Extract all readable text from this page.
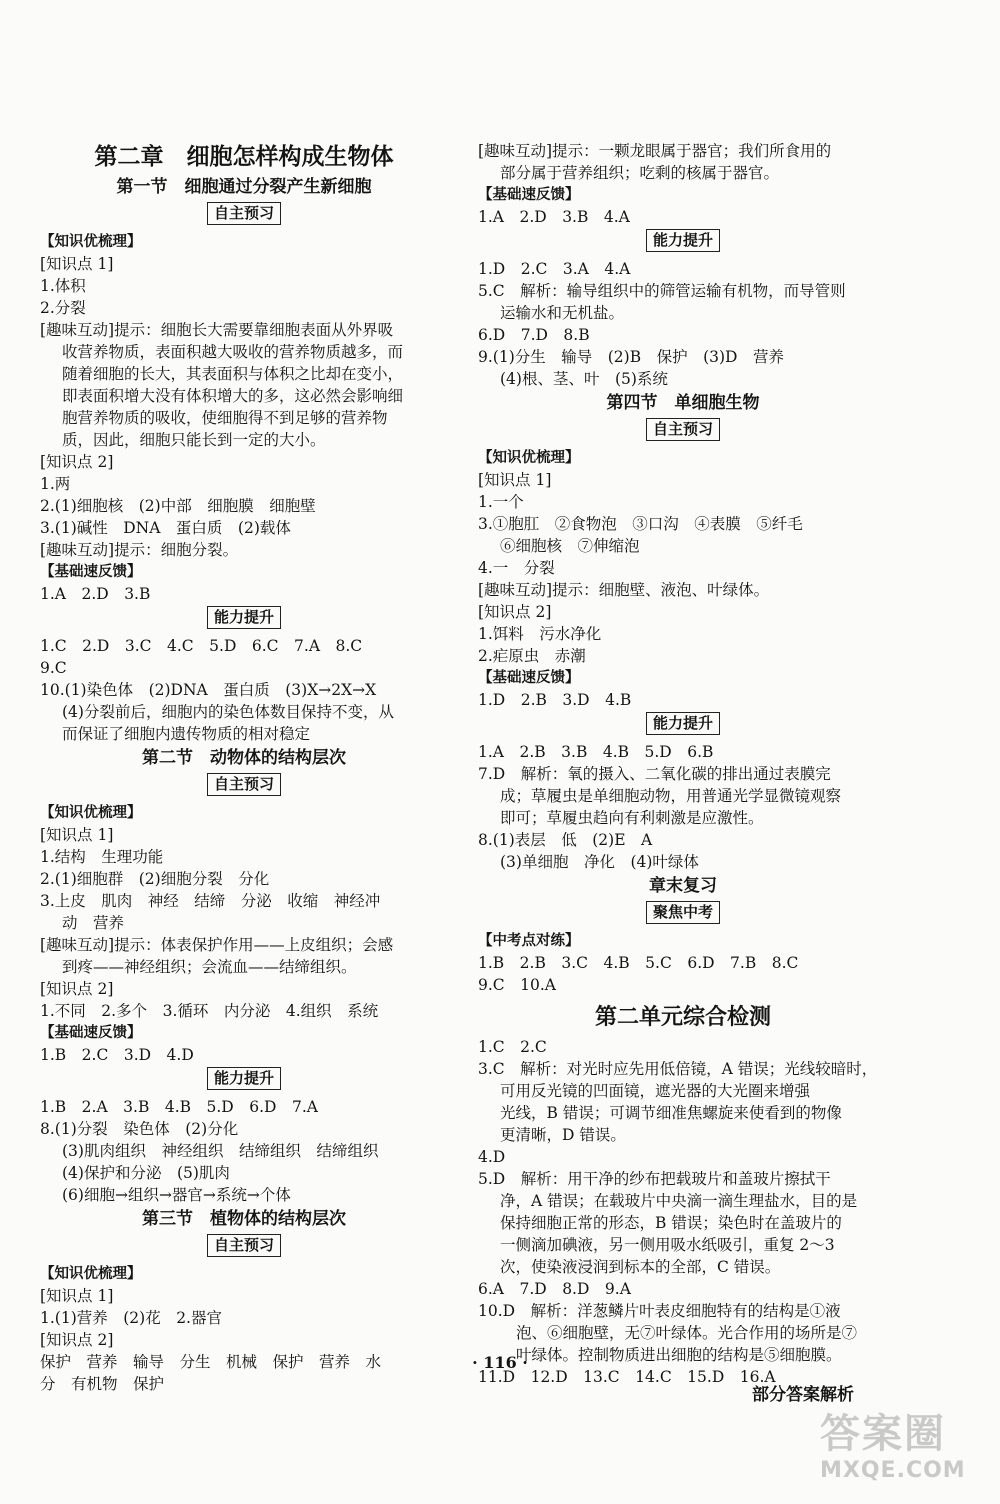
第二章　细胞怎样构成生物体
第一节　细胞通过分裂产生新细胞
自主预习
【知识优梳理】
[知识点 1]
1.体积
2.分裂
[趣味互动]提示：细胞长大需要靠细胞表面从外界吸
收营养物质，表面积越大吸收的营养物质越多，而
随着细胞的长大，其表面积与体积之比却在变小，
即表面积增大没有体积增大的多，这必然会影响细
胞营养物质的吸收，使细胞得不到足够的营养物
质，因此，细胞只能长到一定的大小。
[知识点 2]
1.两
2.(1)细胞核　(2)中部　细胞膜　细胞壁
3.(1)碱性　DNA　蛋白质　(2)载体
[趣味互动]提示：细胞分裂。
【基础速反馈】
1.A　2.D　3.B
能力提升
1.C　2.D　3.C　4.C　5.D　6.C　7.A　8.C
9.C
10.(1)染色体　(2)DNA　蛋白质　(3)X→2X→X
(4)分裂前后，细胞内的染色体数目保持不变，从
而保证了细胞内遗传物质的相对稳定
第二节　动物体的结构层次
自主预习
【知识优梳理】
[知识点 1]
1.结构　生理功能
2.(1)细胞群　(2)细胞分裂　分化
3.上皮　肌肉　神经　结缔　分泌　收缩　神经冲
动　营养
[趣味互动]提示：体表保护作用——上皮组织；会感
到疼——神经组织；会流血——结缔组织。
[知识点 2]
1.不同　2.多个　3.循环　内分泌　4.组织　系统
【基础速反馈】
1.B　2.C　3.D　4.D
能力提升
1.B　2.A　3.B　4.B　5.D　6.D　7.A
8.(1)分裂　染色体　(2)分化
(3)肌肉组织　神经组织　结缔组织　结缔组织
(4)保护和分泌　(5)肌肉
(6)细胞→组织→器官→系统→个体
第三节　植物体的结构层次
自主预习
【知识优梳理】
[知识点 1]
1.(1)营养　(2)花　2.器官
[知识点 2]
保护　营养　输导　分生　机械　保护　营养　水
分　有机物　保护
[趣味互动]提示：一颗龙眼属于器官；我们所食用的
部分属于营养组织；吃剩的核属于器官。
【基础速反馈】
1.A　2.D　3.B　4.A
能力提升
1.D　2.C　3.A　4.A
5.C　解析：输导组织中的筛管运输有机物，而导管则
运输水和无机盐。
6.D　7.D　8.B
9.(1)分生　输导　(2)B　保护　(3)D　营养
(4)根、茎、叶　(5)系统
第四节　单细胞生物
自主预习
【知识优梳理】
[知识点 1]
1.一个
3.①胞肛　②食物泡　③口沟　④表膜　⑤纤毛
⑥细胞核　⑦伸缩泡
4.一　分裂
[趣味互动]提示：细胞壁、液泡、叶绿体。
[知识点 2]
1.饵料　污水净化
2.疟原虫　赤潮
【基础速反馈】
1.D　2.B　3.D　4.B
能力提升
1.A　2.B　3.B　4.B　5.D　6.B
7.D　解析：氧的摄入、二氧化碳的排出通过表膜完
成；草履虫是单细胞动物，用普通光学显微镜观察
即可；草履虫趋向有利刺激是应激性。
8.(1)表层　低　(2)E　A
(3)单细胞　净化　(4)叶绿体
章末复习
聚焦中考
【中考点对练】
1.B　2.B　3.C　4.B　5.C　6.D　7.B　8.C
9.C　10.A
第二单元综合检测
1.C　2.C
3.C　解析：对光时应先用低倍镜，A 错误；光线较暗时，
可用反光镜的凹面镜，遮光器的大光圈来增强
光线，B 错误；可调节细准焦螺旋来使看到的物像
更清晰，D 错误。
4.D
5.D　解析：用干净的纱布把载玻片和盖玻片擦拭干
净，A 错误；在载玻片中央滴一滴生理盐水，目的是
保持细胞正常的形态，B 错误；染色时在盖玻片的
一侧滴加碘液，另一侧用吸水纸吸引，重复 2～3
次，使染液浸润到标本的全部，C 错误。
6.A　7.D　8.D　9.A
10.D　解析：洋葱鳞片叶表皮细胞特有的结构是①液
泡、⑥细胞壁，无⑦叶绿体。光合作用的场所是⑦
叶绿体。控制物质进出细胞的结构是⑤细胞膜。
11.D　12.D　13.C　14.C　15.D　16.A
· 116 ·
部分答案解析
答案圈
MXQE.COM
